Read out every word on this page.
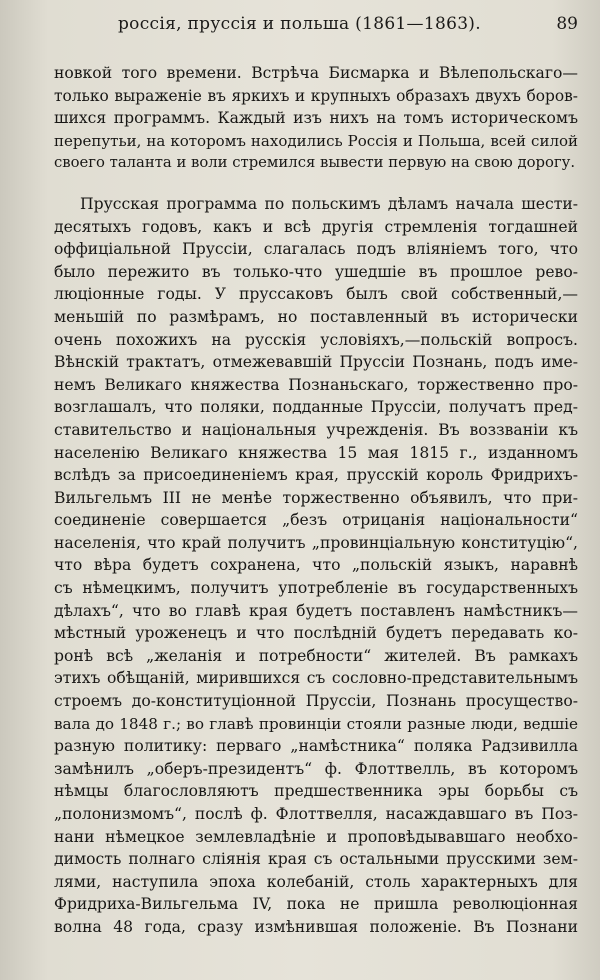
россія, пруссія и польша (1861—1863).	89
новкой того времени. Встрѣча Бисмарка и Вѣлепольскаго—
только выраженіе въ яркихъ и крупныхъ образахъ двухъ боров-
шихся программъ. Каждый изъ нихъ на томъ историческомъ
перепутьи, на которомъ находились Россія и Польша, всей силой
своего таланта и воли стремился вывести первую на свою дорогу.
Прусская программа по польскимъ дѣламъ начала шести-
десятыхъ годовъ, какъ и всѣ другія стремленія тогдашней
оффиціальной Пруссіи, слагалась подъ вліяніемъ того, что
было пережито въ только-что ушедшіе въ прошлое рево-
люціонные годы. У пруссаковъ былъ свой собственный,—
меньшій по размѣрамъ, но поставленный въ исторически
очень похожихъ на русскія условіяхъ,—польскій вопросъ.
Вѣнскій трактатъ, отмежевавшій Пруссіи Познань, подъ име-
немъ Великаго княжества Познаньскаго, торжественно про-
возглашалъ, что поляки, подданные Пруссіи, получатъ пред-
ставительство и національныя учрежденія. Въ воззваніи къ
населенію Великаго княжества 15 мая 1815 г., изданномъ
вслѣдъ за присоединеніемъ края, прусскій король Фридрихъ-
Вильгельмъ III не менѣе торжественно объявилъ, что при-
соединеніе совершается „безъ отрицанія національности“
населенія, что край получитъ „провинціальную конституцію“,
что вѣра будетъ сохранена, что „польскій языкъ, наравнѣ
съ нѣмецкимъ, получитъ употребленіе въ государственныхъ
дѣлахъ“, что во главѣ края будетъ поставленъ намѣстникъ—
мѣстный уроженецъ и что послѣдній будетъ передавать ко-
ронѣ всѣ „желанія и потребности“ жителей. Въ рамкахъ
этихъ обѣщаній, мирившихся съ сословно-представительнымъ
строемъ до-конституціонной Пруссіи, Познань просущество-
вала до 1848 г.; во главѣ провинціи стояли разные люди, ведшіе
разную политику: первагo „намѣстника“ поляка Радзивилла
замѣнилъ „оберъ-президентъ“ ф. Флоттвелль, въ которомъ
нѣмцы благословляютъ предшественника эры борьбы съ
„полонизмомъ“, послѣ ф. Флоттвелля, насаждавшаго въ Поз-
нани нѣмецкое землевладѣніе и проповѣдывавшаго необхо-
димость полнаго сліянія края съ остальными прусскими зем-
лями, наступила эпоха колебаній, столь характерныхъ для
Фридриха-Вильгельма IV, пока не пришла революціонная
волна 48 года, сразу измѣнившая положеніе. Въ Познани
